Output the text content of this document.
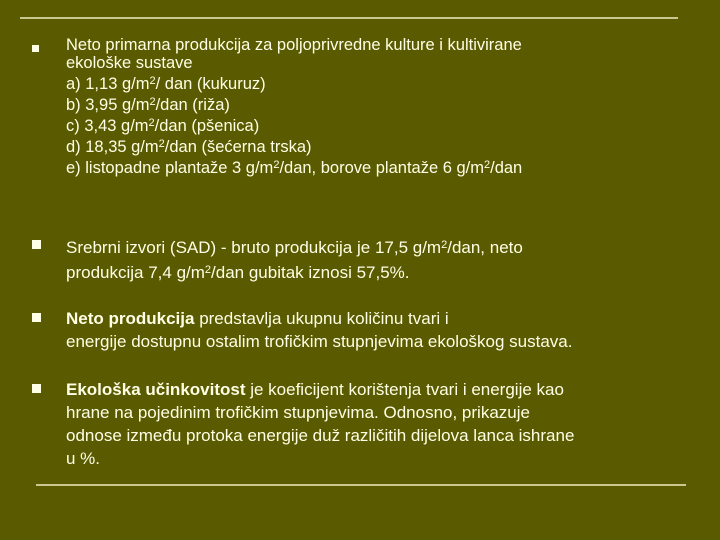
Neto primarna produkcija za poljoprivredne kulture i kultivirane
ekološke sustave
a) 1,13 $g/m^2/$ dan (kukuruz)
b) 3,95 $g/m^2$/dan (riža)
c) 3,43 $g/m^2$/dan (pšenica)
d) 18,35 $g/m^2$/dan (šećerna trska)
e) listopadne plantaže 3 $g/m^2$/dan, borove plantaže 6 $g/m^2$/dan
Srebrni izvori (SAD) - bruto produkcija je 17,5 $g/m^2$/dan, neto
produkcija 7,4 $g/m^2$/dan gubitak iznosi 57,5%.
Neto produkcija predstavlja ukupnu količinu tvari i
energije dostupnu ostalim trofičkim stupnjevima ekološkog sustava.
Ekološka učinkovitost je koeficijent korištenja tvari i energije kao
hrane na pojedinim trofičkim stupnjevima. Odnosno, prikazuje
odnose između protoka energije duž različitih dijelova lanca ishrane
u %.
